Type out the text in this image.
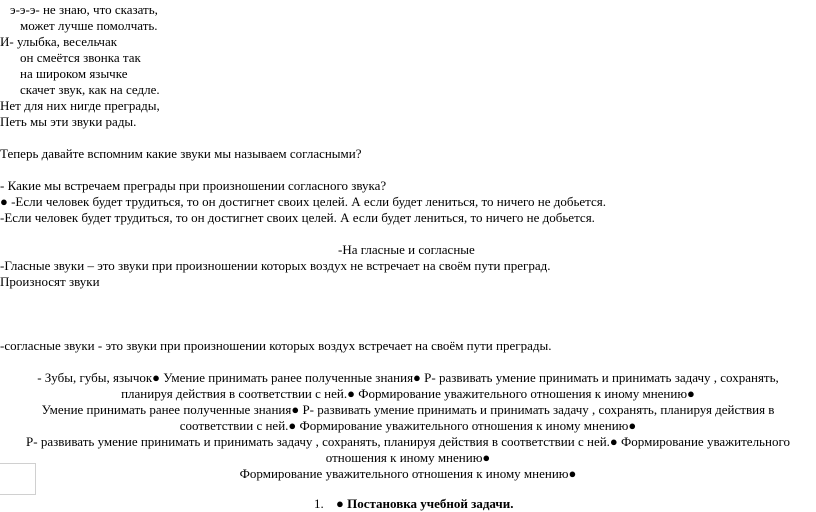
э-э-э- не знаю, что сказать,
может лучше помолчать.
И- улыбка, весельчак
он смеётся звонка так
на широком язычке
скачет звук, как на седле.
Нет для них нигде преграды,
Петь мы эти звуки рады.
Теперь давайте вспомним какие звуки мы называем согласными?
- Какие мы встречаем преграды при произношении согласного звука?
● -Если человек будет трудиться, то он достигнет своих целей. А если будет лениться, то ничего не добьется.
-Если человек будет трудиться, то он достигнет своих целей. А если будет лениться, то ничего не добьется.
-На гласные и согласные
-Гласные звуки – это звуки при произношении которых воздух не встречает на своём пути преград.
Произносят звуки
-согласные звуки - это звуки при произношении которых воздух встречает на своём пути преграды.
- Зубы, губы, язычок● Умение принимать ранее полученные знания● Р- развивать умение принимать и принимать задачу , сохранять,
планируя действия в соответствии с ней.● Формирование уважительного отношения к иному мнению●
Умение принимать ранее полученные знания● Р- развивать умение принимать и принимать задачу , сохранять, планируя действия в
соответствии с ней.● Формирование уважительного отношения к иному мнению●
Р- развивать умение принимать и принимать задачу , сохранять, планируя действия в соответствии с ней.● Формирование уважительного
отношения к иному мнению●
Формирование уважительного отношения к иному мнению●
1. ● Постановка учебной задачи.
